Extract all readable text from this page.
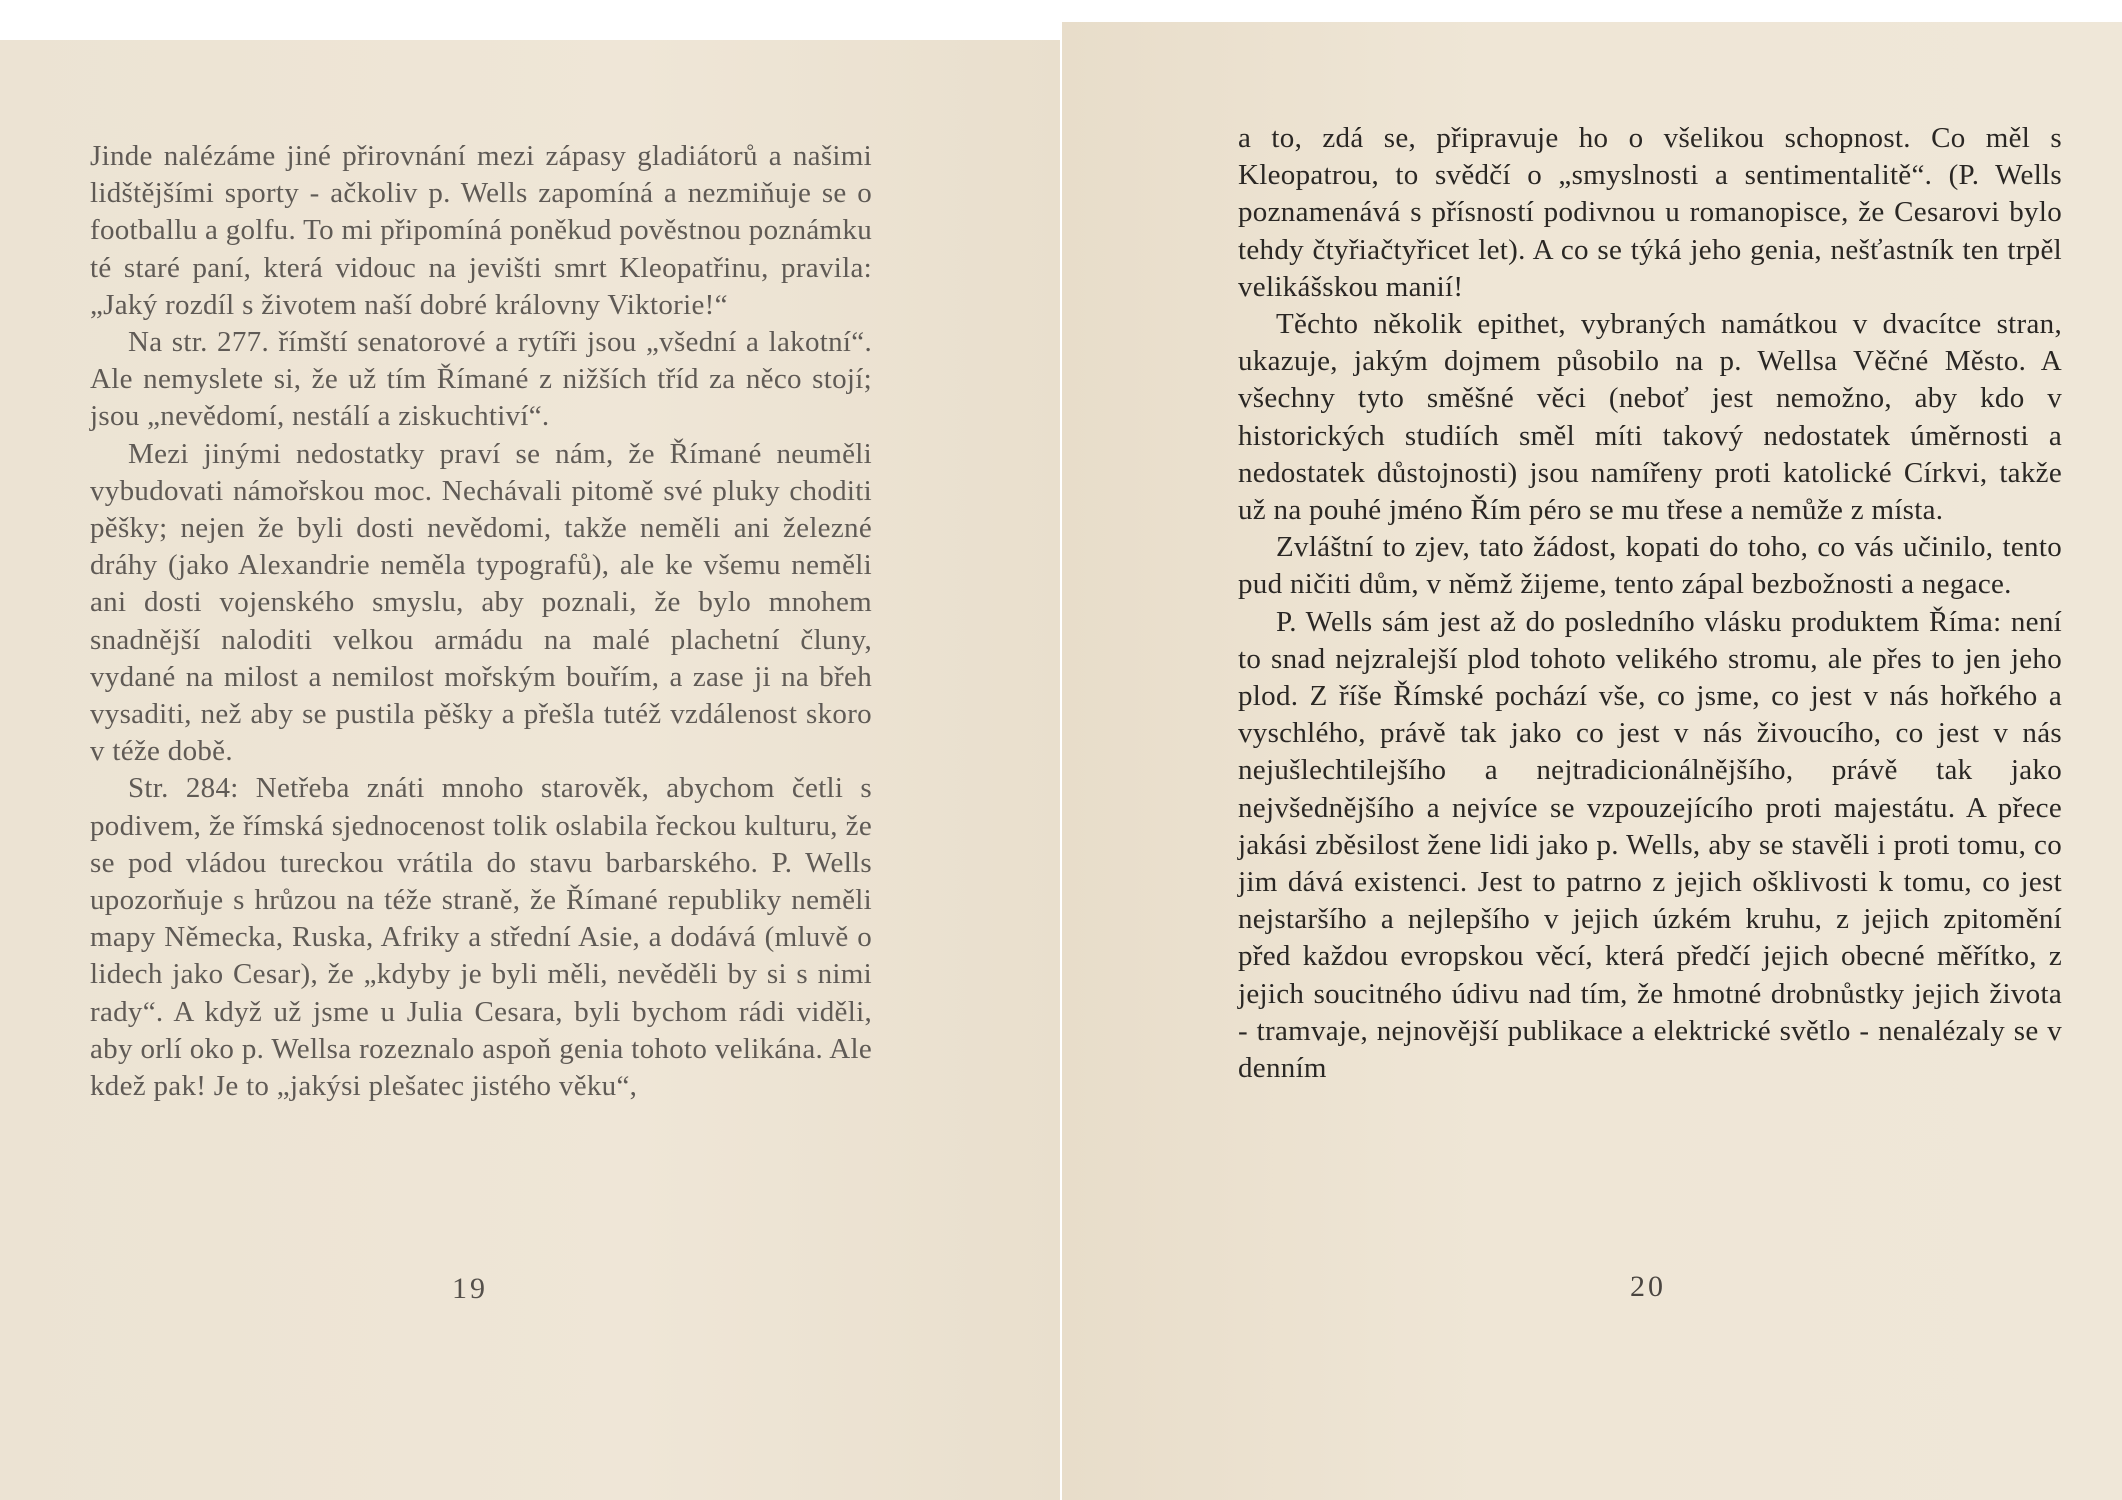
Jinde nalézáme jiné přirovnání mezi zápasy gladiátorů a našimi lidštějšími sporty - ačkoliv p. Wells zapomíná a nezmiňuje se o footballu a golfu. To mi připomíná poněkud pověstnou poznámku té staré paní, která vidouc na jevišti smrt Kleopatřinu, pravila: „Jaký rozdíl s životem naší dobré královny Viktorie!“

Na str. 277. římští senatorové a rytíři jsou „všední a lakotní“. Ale nemyslete si, že už tím Římané z nižších tříd za něco stojí; jsou „nevědomí, nestálí a ziskuchtiví“.

Mezi jinými nedostatky praví se nám, že Římané neuměli vybudovati námořskou moc. Nechávali pitomě své pluky choditi pěšky; nejen že byli dosti nevědomi, takže neměli ani železné dráhy (jako Alexandrie neměla typografů), ale ke všemu neměli ani dosti vojenského smyslu, aby poznali, že bylo mnohem snadnější naloditi velkou armádu na malé plachetní čluny, vydané na milost a nemilost mořským bouřím, a zase ji na břeh vysaditi, než aby se pustila pěšky a přešla tutéž vzdálenost skoro v téže době.

Str. 284: Netřeba znáti mnoho starověk, abychom četli s podivem, že římská sjednocenost tolik oslabila řeckou kulturu, že se pod vládou tureckou vrátila do stavu barbarského. P. Wells upozorňuje s hrůzou na téže straně, že Římané republiky neměli mapy Německa, Ruska, Afriky a střední Asie, a dodává (mluvě o lidech jako Cesar), že „kdyby je byli měli, nevěděli by si s nimi rady“. A když už jsme u Julia Cesara, byli bychom rádi viděli, aby orlí oko p. Wellsa rozeznalo aspoň genia tohoto velikána. Ale kdež pak! Je to „jakýsi plešatec jistého věku“,

19

a to, zdá se, připravuje ho o všelikou schopnost. Co měl s Kleopatrou, to svědčí o „smyslnosti a sentimentalitě“. (P. Wells poznamenává s přísností podivnou u romanopisce, že Cesarovi bylo tehdy čtyřiačtyřicet let). A co se týká jeho genia, nešťastník ten trpěl velikášskou manií!

Těchto několik epithet, vybraných namátkou v dvacítce stran, ukazuje, jakým dojmem působilo na p. Wellsa Věčné Město. A všechny tyto směšné věci (neboť jest nemožno, aby kdo v historických studiích směl míti takový nedostatek úměrnosti a nedostatek důstojnosti) jsou namířeny proti katolické Církvi, takže už na pouhé jméno Řím péro se mu třese a nemůže z místa.

Zvláštní to zjev, tato žádost, kopati do toho, co vás učinilo, tento pud ničiti dům, v němž žijeme, tento zápal bezbožnosti a negace.

P. Wells sám jest až do posledního vlásku produktem Říma: není to snad nejzralejší plod tohoto velikého stromu, ale přes to jen jeho plod. Z říše Římské pochází vše, co jsme, co jest v nás hořkého a vyschlého, právě tak jako co jest v nás živoucího, co jest v nás nejušlechtilejšího a nejtradicionálnějšího, právě tak jako nejvšednějšího a nejvíce se vzpouzejícího proti majestátu. A přece jakási zběsilost žene lidi jako p. Wells, aby se stavěli i proti tomu, co jim dává existenci. Jest to patrno z jejich ošklivosti k tomu, co jest nejstaršího a nejlepšího v jejich úzkém kruhu, z jejich zpitomění před každou evropskou věcí, která předčí jejich obecné měřítko, z jejich soucitného údivu nad tím, že hmotné drobnůstky jejich života - tramvaje, nejnovější publikace a elektrické světlo - nenalézaly se v denním

20
